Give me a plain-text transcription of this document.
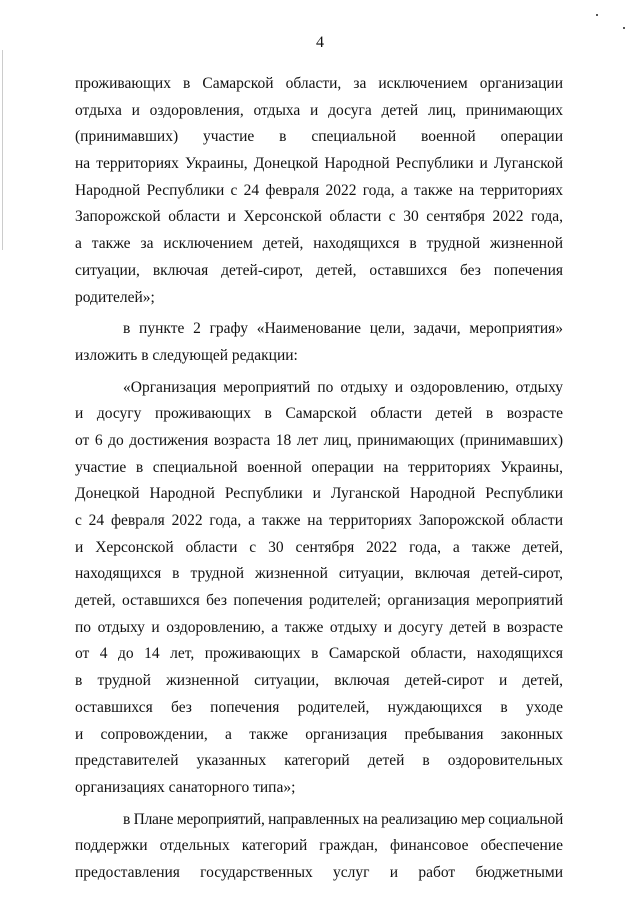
4
проживающих в Самарской области, за исключением организации
отдыха и оздоровления, отдыха и досуга детей лиц, принимающих
(принимавших) участие в специальной военной операции
на территориях Украины, Донецкой Народной Республики и Луганской
Народной Республики с 24 февраля 2022 года, а также на территориях
Запорожской области и Херсонской области с 30 сентября 2022 года,
а также за исключением детей, находящихся в трудной жизненной
ситуации, включая детей-сирот, детей, оставшихся без попечения
родителей»;
в пункте 2 графу «Наименование цели, задачи, мероприятия»
изложить в следующей редакции:
«Организация мероприятий по отдыху и оздоровлению, отдыху
и досугу проживающих в Самарской области детей в возрасте
от 6 до достижения возраста 18 лет лиц, принимающих (принимавших)
участие в специальной военной операции на территориях Украины,
Донецкой Народной Республики и Луганской Народной Республики
с 24 февраля 2022 года, а также на территориях Запорожской области
и Херсонской области с 30 сентября 2022 года, а также детей,
находящихся в трудной жизненной ситуации, включая детей-сирот,
детей, оставшихся без попечения родителей; организация мероприятий
по отдыху и оздоровлению, а также отдыху и досугу детей в возрасте
от 4 до 14 лет, проживающих в Самарской области, находящихся
в трудной жизненной ситуации, включая детей-сирот и детей,
оставшихся без попечения родителей, нуждающихся в уходе
и сопровождении, а также организация пребывания законных
представителей указанных категорий детей в оздоровительных
организациях санаторного типа»;
в Плане мероприятий, направленных на реализацию мер социальной
поддержки отдельных категорий граждан, финансовое обеспечение
предоставления государственных услуг и работ бюджетными
